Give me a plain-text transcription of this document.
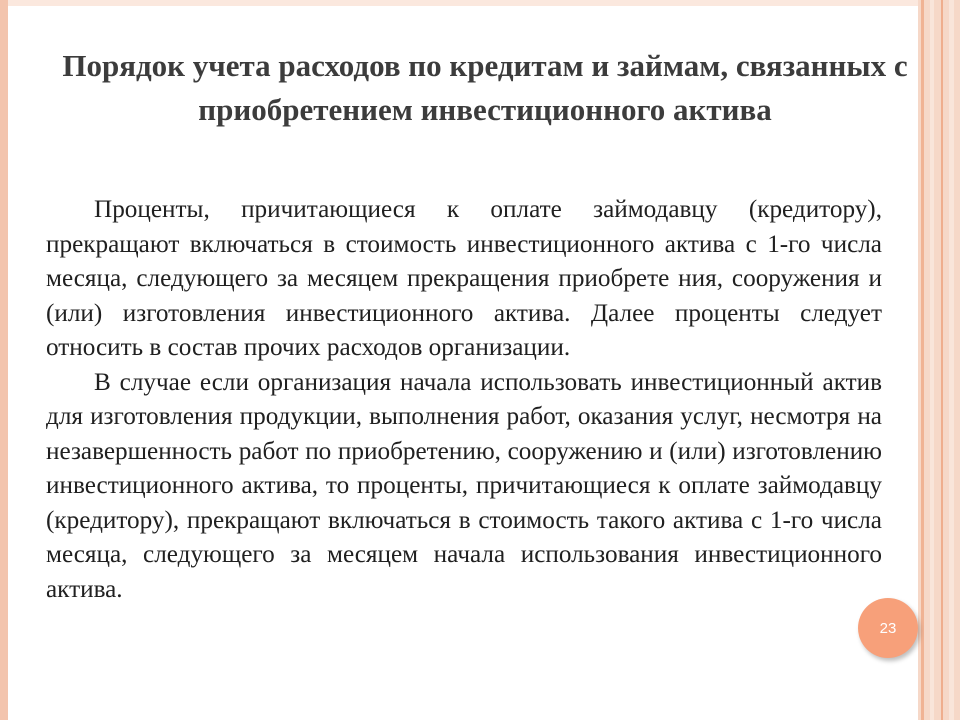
Порядок учета расходов по кредитам и займам, связанных с приобретением инвестиционного актива

Проценты, причитающиеся к оплате займодавцу (кредитору), прекращают включаться в стоимость инвестиционного актива с 1-го числа месяца, следующего за месяцем прекращения приобрете ния, сооружения и (или) изготовления инвестиционного актива. Далее проценты следует относить в состав прочих расходов организации.

В случае если организация начала использовать инвестиционный актив для изготовления продукции, выполнения работ, оказания услуг, несмотря на незавершенность работ по приобретению, сооружению и (или) изготовлению инвестиционного актива, то проценты, причитающиеся к оплате займодавцу (кредитору), прекращают включаться в стоимость такого актива с 1-го числа месяца, следующего за месяцем начала использования инвестиционного актива.

23
